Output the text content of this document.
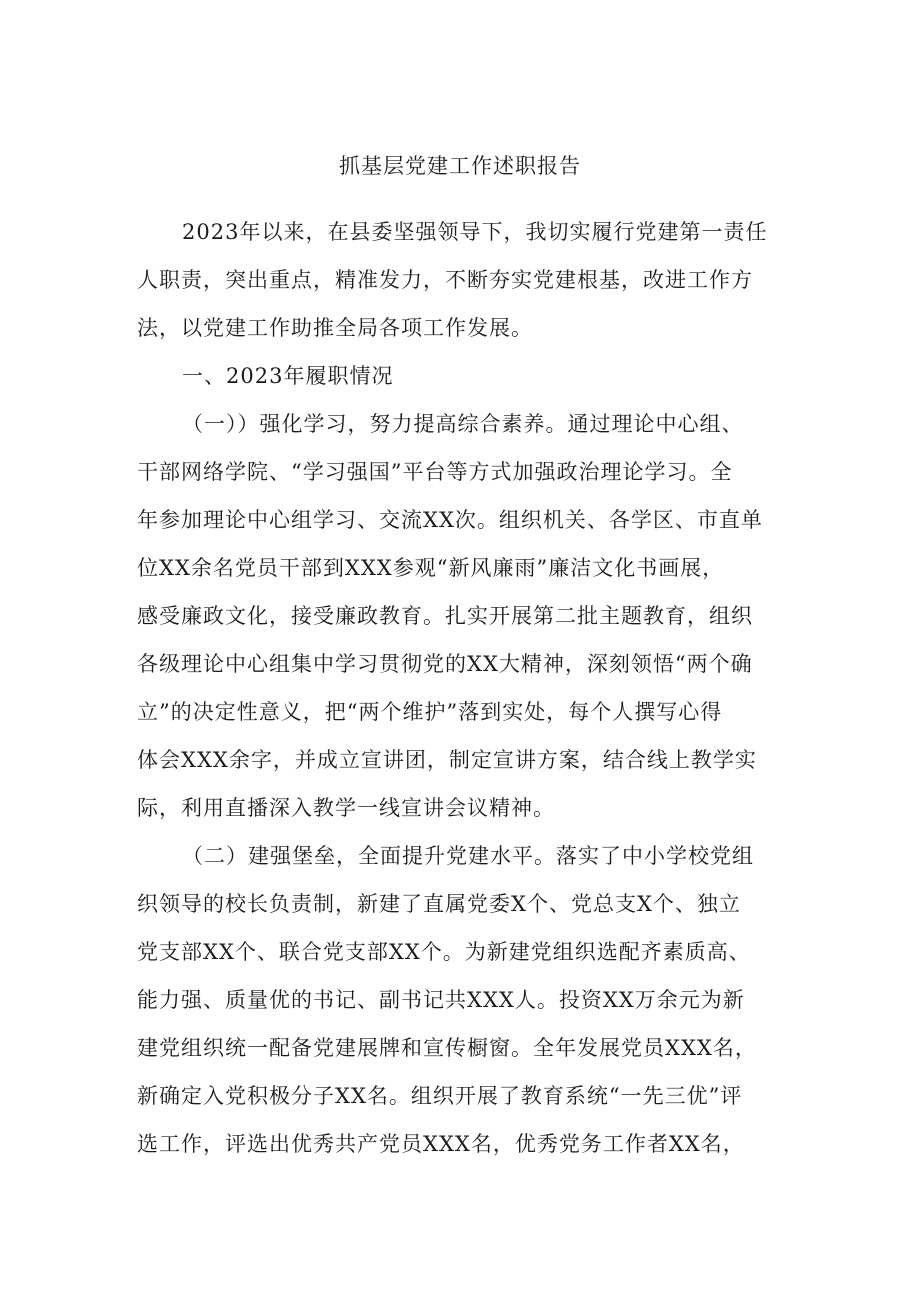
抓基层党建工作述职报告
2023年以来，在县委坚强领导下，我切实履行党建第一责任
人职责，突出重点，精准发力，不断夯实党建根基，改进工作方
法，以党建工作助推全局各项工作发展。
一、2023年履职情况
（一））强化学习，努力提高综合素养。通过理论中心组、
干部网络学院、“学习强国”平台等方式加强政治理论学习。全
年参加理论中心组学习、交流XX次。组织机关、各学区、市直单
位XX余名党员干部到XXX参观“新风廉雨”廉洁文化书画展，
感受廉政文化，接受廉政教育。扎实开展第二批主题教育，组织
各级理论中心组集中学习贯彻党的XX大精神，深刻领悟“两个确
立”的决定性意义，把“两个维护”落到实处，每个人撰写心得
体会XXX余字，并成立宣讲团，制定宣讲方案，结合线上教学实
际，利用直播深入教学一线宣讲会议精神。
（二）建强堡垒，全面提升党建水平。落实了中小学校党组
织领导的校长负责制，新建了直属党委X个、党总支X个、独立
党支部XX个、联合党支部XX个。为新建党组织选配齐素质高、
能力强、质量优的书记、副书记共XXX人。投资XX万余元为新
建党组织统一配备党建展牌和宣传橱窗。全年发展党员XXX名，
新确定入党积极分子XX名。组织开展了教育系统“一先三优”评
选工作，评选出优秀共产党员XXX名，优秀党务工作者XX名，
